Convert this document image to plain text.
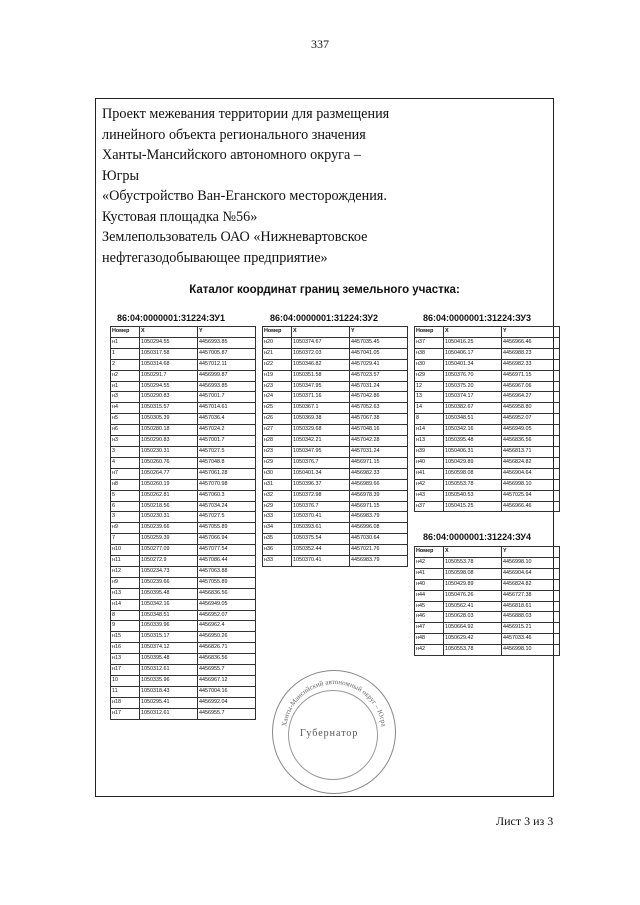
337
Проект межевания территории для размещения
линейного объекта регионального значения
Ханты-Мансийского автономного округа –
Югры
«Обустройство Ван-Еганского месторождения.
Кустовая площадка №56»
Землепользователь ОАО «Нижневартовское
нефтегазодобывающее предприятие»
Каталог координат границ земельного участка:
86:04:0000001:31224:ЗУ1	86:04:0000001:31224:ЗУ2	86:04:0000001:31224:ЗУ3
86:04:0000001:31224:ЗУ4
Номер	X	Y
н1	1050294.55	4456993.85
1	1050317.58	4457005.87
2	1050314.68	4457012.11
н2	1050291.7	4456999.87
н1	1050294.55	4456993.85
н3	1050290.83	4457001.7
н4	1050315.57	4457014.61
н5	1050305.39	4457036.4
н6	1050280.18	4457024.2
н3	1050290.83	4457001.7
3	1050230.31	4457027.5
4	1050260.76	4457048.8
н7	1050264.77	4457061.28
н8	1050260.19	4457070.98
5	1050262.81	4457060.3
6	1050218.56	4457034.24
3	1050230.31	4457027.5
н9	1050239.66	4457055.89
7	1050259.39	4457066.94
н10	1050277.09	4457077.54
н11	1050272.9	4457086.44
н12	1050234.73	4457063.88
н9	1050239.66	4457055.89
н13	1050395.48	4456836.56
н14	1050342.16	4456949.05
8	1050348.51	4456952.07
9	1050339.96	4456962.4
н15	1050315.17	4456950.26
н16	1050374.12	4456826.71
н13	1050395.48	4456836.56
н17	1050312.61	4456955.7
10	1050335.96	4456967.12
11	1050318.43	4457004.16
н18	1050295.41	4456992.04
н17	1050312.61	4456955.7
Номер	X	Y
н20	1050374.67	4457035.45
н21	1050372.03	4457041.05
н22	1050346.82	4457029.41
н19	1050351.58	4457023.57
н23	1050347.95	4457031.24
н24	1050371.16	4457042.86
н25	1050367.1	4457052.63
н26	1050369.38	4457067.38
н27	1050329.68	4457048.16
н28	1050342.21	4457042.28
н23	1050347.95	4457031.24
н29	1050376.7	4456971.15
н30	1050401.34	4456982.33
н31	1050396.37	4456989.66
н32	1050372.98	4456978.39
н29	1050376.7	4456971.15
н33	1050370.41	4456983.79
н34	1050393.61	4456996.08
н35	1050375.54	4457030.64
н36	1050352.44	4457021.76
н33	1050370.41	4456983.79
Номер	X	Y
н37	1050416.25	4456966.46
н38	1050406.17	4456988.23
н30	1050401.34	4456982.33
н29	1050376.70	4456971.15
12	1050375.20	4456967.06
13	1050374.17	4456964.27
14	1050382.67	4456958.80
8	1050348.51	4456952.07
н14	1050342.16	4456949.05
н13	1050395.48	4456836.56
н39	1050406.31	4456813.71
н40	1050429.89	4456824.82
н41	1050598.08	4456904.64
н42	1050553.78	4456998.10
н43	1050540.53	4457025.94
н37	1050415.25	4456966.46
Номер	X	Y
н42	1050553.78	4456998.10
н41	1050598.08	4456904.64
н40	1050429.89	4456824.82
н44	1050476.26	4456727.38
н45	1050562.41	4456818.61
н46	1050628.03	4456888.03
н47	1050664.92	4456915.21
н48	1050629.42	4457033.46
н42	1050553.78	4456998.10
Ханты-Мансийский автономный округ – Югра
Губернатор
Лист 3 из 3
